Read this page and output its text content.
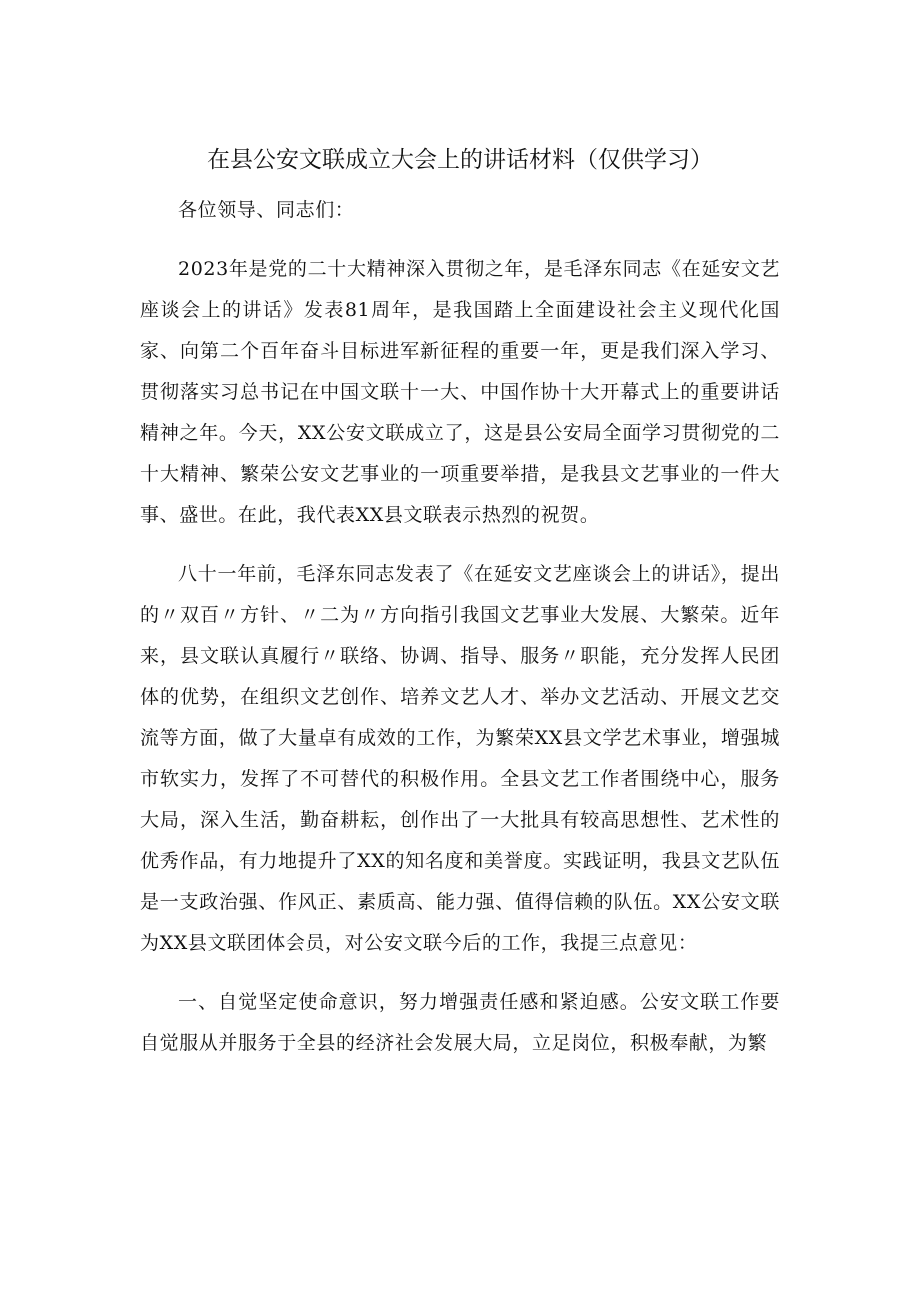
在县公安文联成立大会上的讲话材料（仅供学习）

各位领导、同志们：

2023年是党的二十大精神深入贯彻之年，是毛泽东同志《在延安文艺座谈会上的讲话》发表81周年，是我国踏上全面建设社会主义现代化国家、向第二个百年奋斗目标进军新征程的重要一年，更是我们深入学习、贯彻落实习总书记在中国文联十一大、中国作协十大开幕式上的重要讲话精神之年。今天，XX公安文联成立了，这是县公安局全面学习贯彻党的二十大精神、繁荣公安文艺事业的一项重要举措，是我县文艺事业的一件大事、盛世。在此，我代表XX县文联表示热烈的祝贺。

八十一年前，毛泽东同志发表了《在延安文艺座谈会上的讲话》，提出的〃双百〃方针、〃二为〃方向指引我国文艺事业大发展、大繁荣。近年来，县文联认真履行〃联络、协调、指导、服务〃职能，充分发挥人民团体的优势，在组织文艺创作、培养文艺人才、举办文艺活动、开展文艺交流等方面，做了大量卓有成效的工作，为繁荣XX县文学艺术事业，增强城市软实力，发挥了不可替代的积极作用。全县文艺工作者围绕中心，服务大局，深入生活，勤奋耕耘，创作出了一大批具有较高思想性、艺术性的优秀作品，有力地提升了XX的知名度和美誉度。实践证明，我县文艺队伍是一支政治强、作风正、素质高、能力强、值得信赖的队伍。XX公安文联为XX县文联团体会员，对公安文联今后的工作，我提三点意见：

一、自觉坚定使命意识，努力增强责任感和紧迫感。公安文联工作要自觉服从并服务于全县的经济社会发展大局，立足岗位，积极奉献，为繁
